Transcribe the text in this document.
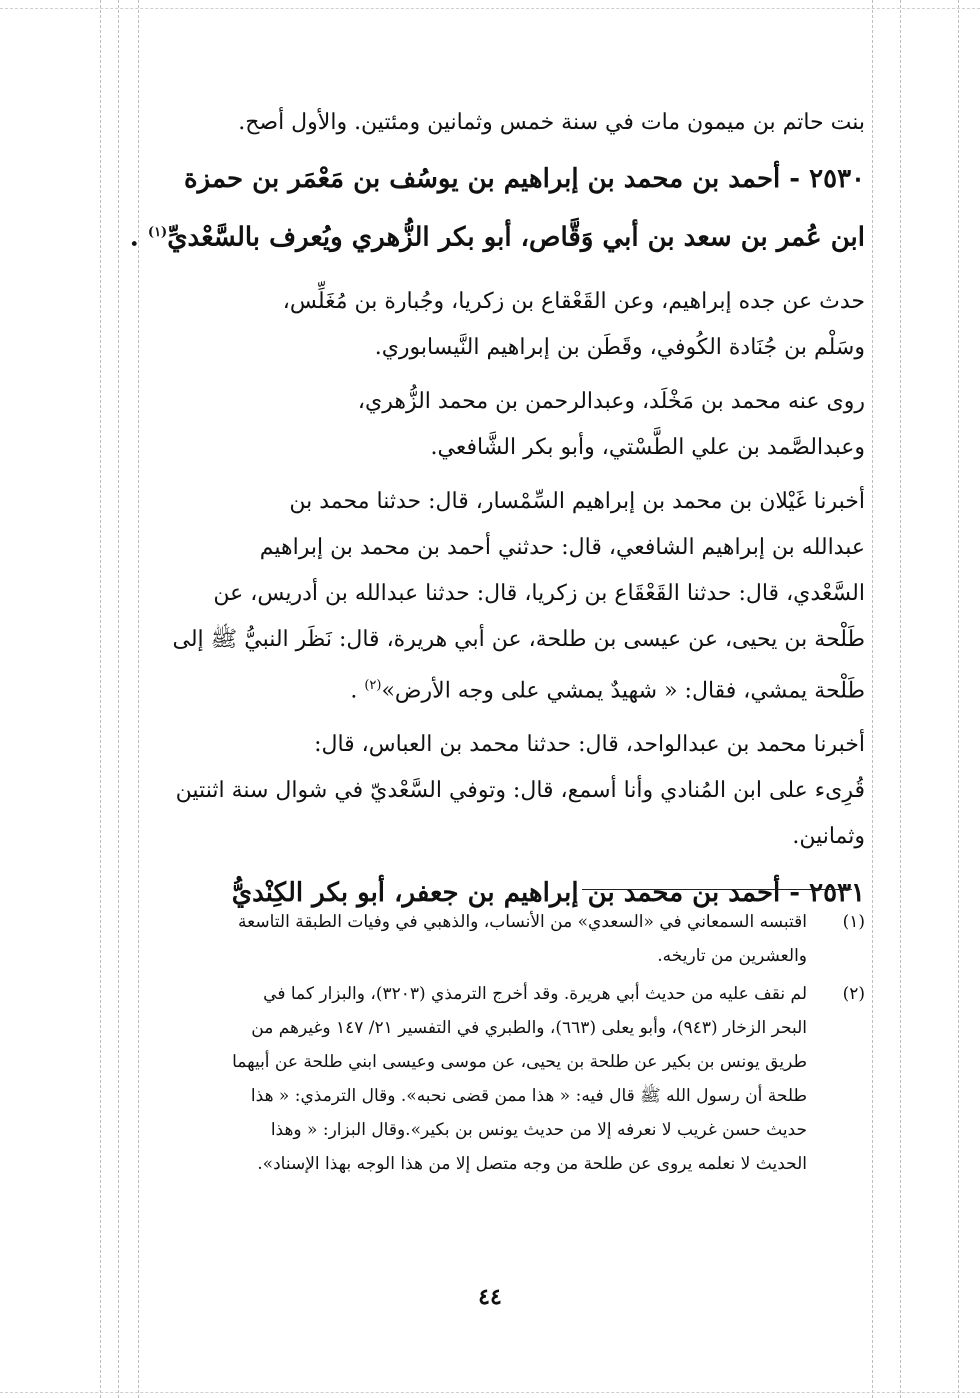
بنت حاتم بن ميمون مات في سنة خمس وثمانين ومئتين. والأول أصح.
٢٥٣٠ - أحمد بن محمد بن إبراهيم بن يوسُف بن مَعْمَر بن حمزة
ابن عُمر بن سعد بن أبي وَقَّاص، أبو بكر الزُّهري ويُعرف بالسَّعْديِّ$^{(١)}$ .
حدث عن جده إبراهيم، وعن القَعْقاع بن زكريا، وجُبارة بن مُغَلِّس،
وسَلْم بن جُنَادة الكُوفي، وقَطَن بن إبراهيم النَّيسابوري.
روى عنه محمد بن مَخْلَد، وعبدالرحمن بن محمد الزُّهري،
وعبدالصَّمد بن علي الطَّسْتي، وأبو بكر الشَّافعي.
أخبرنا غَيْلان بن محمد بن إبراهيم السِّمْسار، قال: حدثنا محمد بن
عبدالله بن إبراهيم الشافعي، قال: حدثني أحمد بن محمد بن إبراهيم
السَّعْدي، قال: حدثنا القَعْقَاع بن زكريا، قال: حدثنا عبدالله بن أدريس، عن
طَلْحة بن يحيى، عن عيسى بن طلحة، عن أبي هريرة، قال: نَظَر النبيُّ ﷺ إلى
طَلْحة يمشي، فقال: « شهيدٌ يمشي على وجه الأرض»$^{(٢)}$ .
أخبرنا محمد بن عبدالواحد، قال: حدثنا محمد بن العباس، قال:
قُرِىء على ابن المُنادي وأنا أسمع، قال: وتوفي السَّعْديّ في شوال سنة اثنتين
وثمانين.
٢٥٣١ - أحمد بن محمد بن إبراهيم بن جعفر، أبو بكر الكِنْديُّ
(١)
اقتبسه السمعاني في «السعدي» من الأنساب، والذهبي في وفيات الطبقة التاسعة
والعشرين من تاريخه.
(٢)
لم نقف عليه من حديث أبي هريرة. وقد أخرج الترمذي (٣٢٠٣)، والبزار كما في
البحر الزخار (٩٤٣)، وأبو يعلى (٦٦٣)، والطبري في التفسير ٢١/ ١٤٧ وغيرهم من
طريق يونس بن بكير عن طلحة بن يحيى، عن موسى وعيسى ابني طلحة عن أبيهما
طلحة أن رسول الله ﷺ قال فيه: « هذا ممن قضى نحبه». وقال الترمذي: « هذا
حديث حسن غريب لا نعرفه إلا من حديث يونس بن بكير».وقال البزار: « وهذا
الحديث لا نعلمه يروى عن طلحة من وجه متصل إلا من هذا الوجه بهذا الإسناد».
٤٤
